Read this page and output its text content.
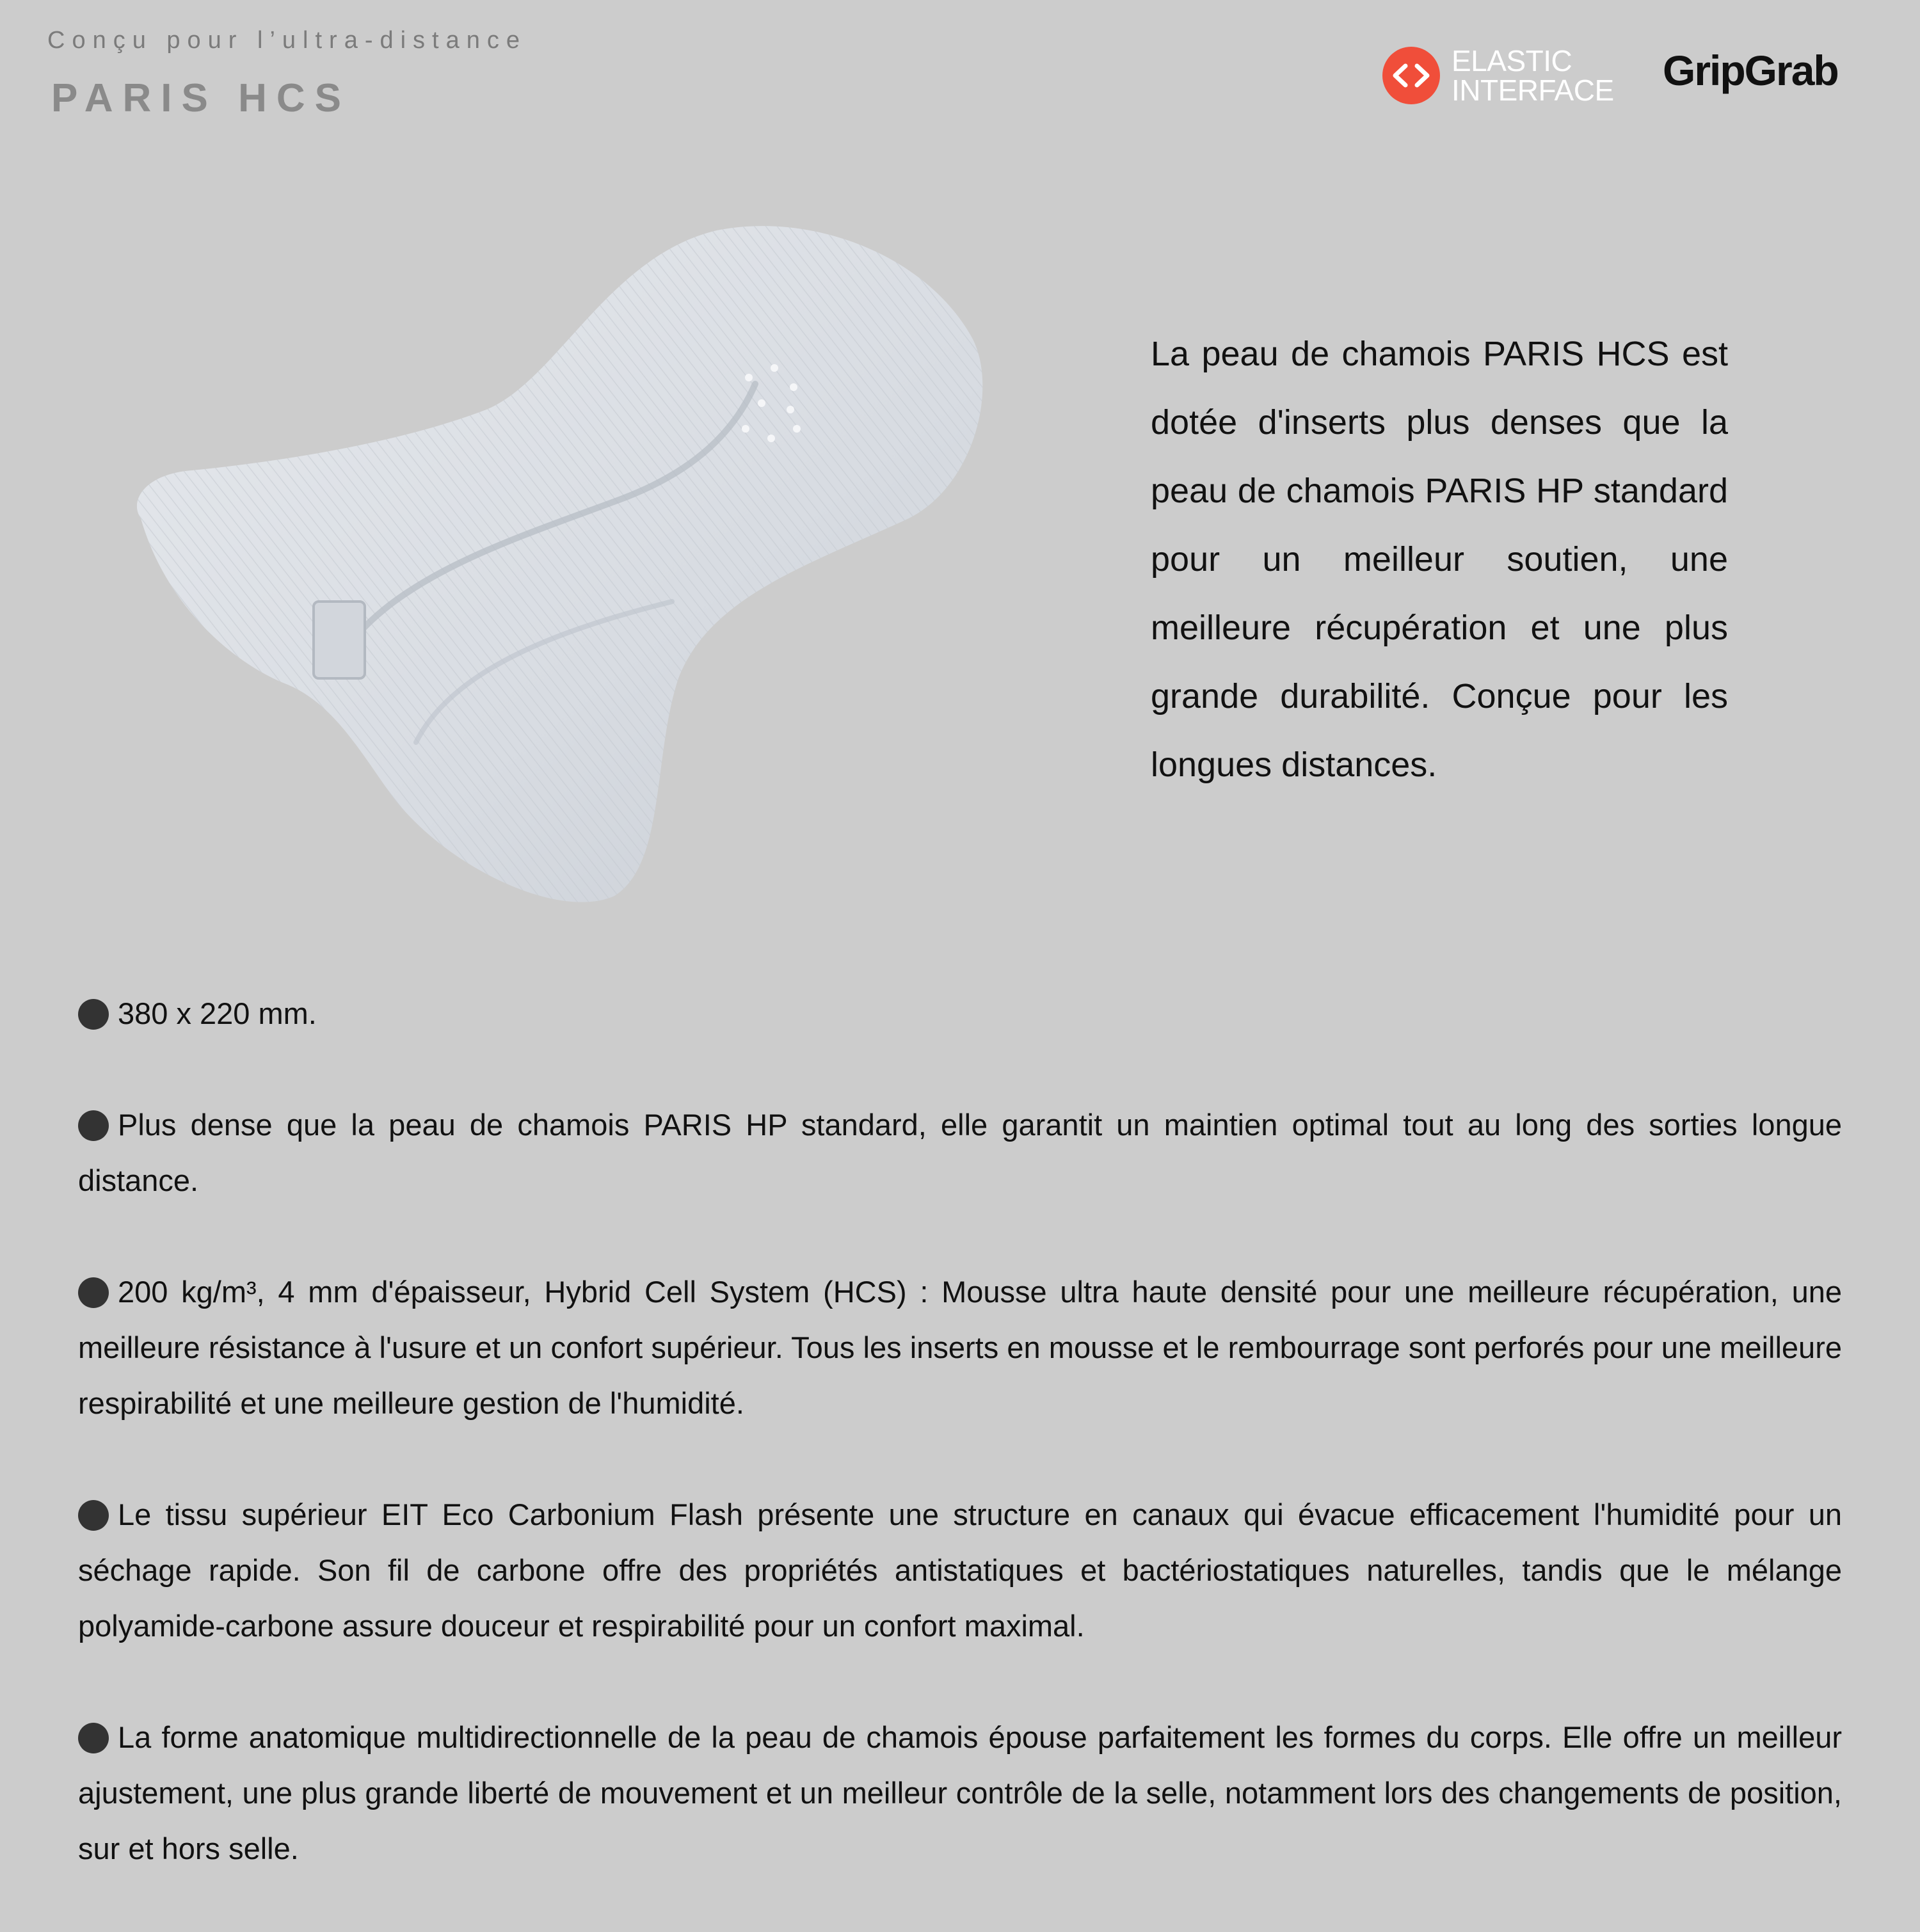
Conçu pour l’ultra-distance
PARIS HCS
ELASTIC
INTERFACE GripGrab
La peau de chamois PARIS HCS est dotée d'inserts plus denses que la peau de chamois PARIS HP standard pour un meilleur soutien, une meilleure récupération et une plus grande durabilité. Conçue pour les longues distances.
380 x 220 mm.
Plus dense que la peau de chamois PARIS HP standard, elle garantit un maintien optimal tout au long des sorties longue distance.
200 kg/m³, 4 mm d'épaisseur, Hybrid Cell System (HCS) : Mousse ultra haute densité pour une meilleure récupération, une meilleure résistance à l'usure et un confort supérieur. Tous les inserts en mousse et le rembourrage sont perforés pour une meilleure respirabilité et une meilleure gestion de l'humidité.
Le tissu supérieur EIT Eco Carbonium Flash présente une structure en canaux qui évacue efficacement l'humidité pour un séchage rapide. Son fil de carbone offre des propriétés antistatiques et bactériostatiques naturelles, tandis que le mélange polyamide-carbone assure douceur et respirabilité pour un confort maximal.
La forme anatomique multidirectionnelle de la peau de chamois épouse parfaitement les formes du corps. Elle offre un meilleur ajustement, une plus grande liberté de mouvement et un meilleur contrôle de la selle, notamment lors des changements de position, sur et hors selle.
